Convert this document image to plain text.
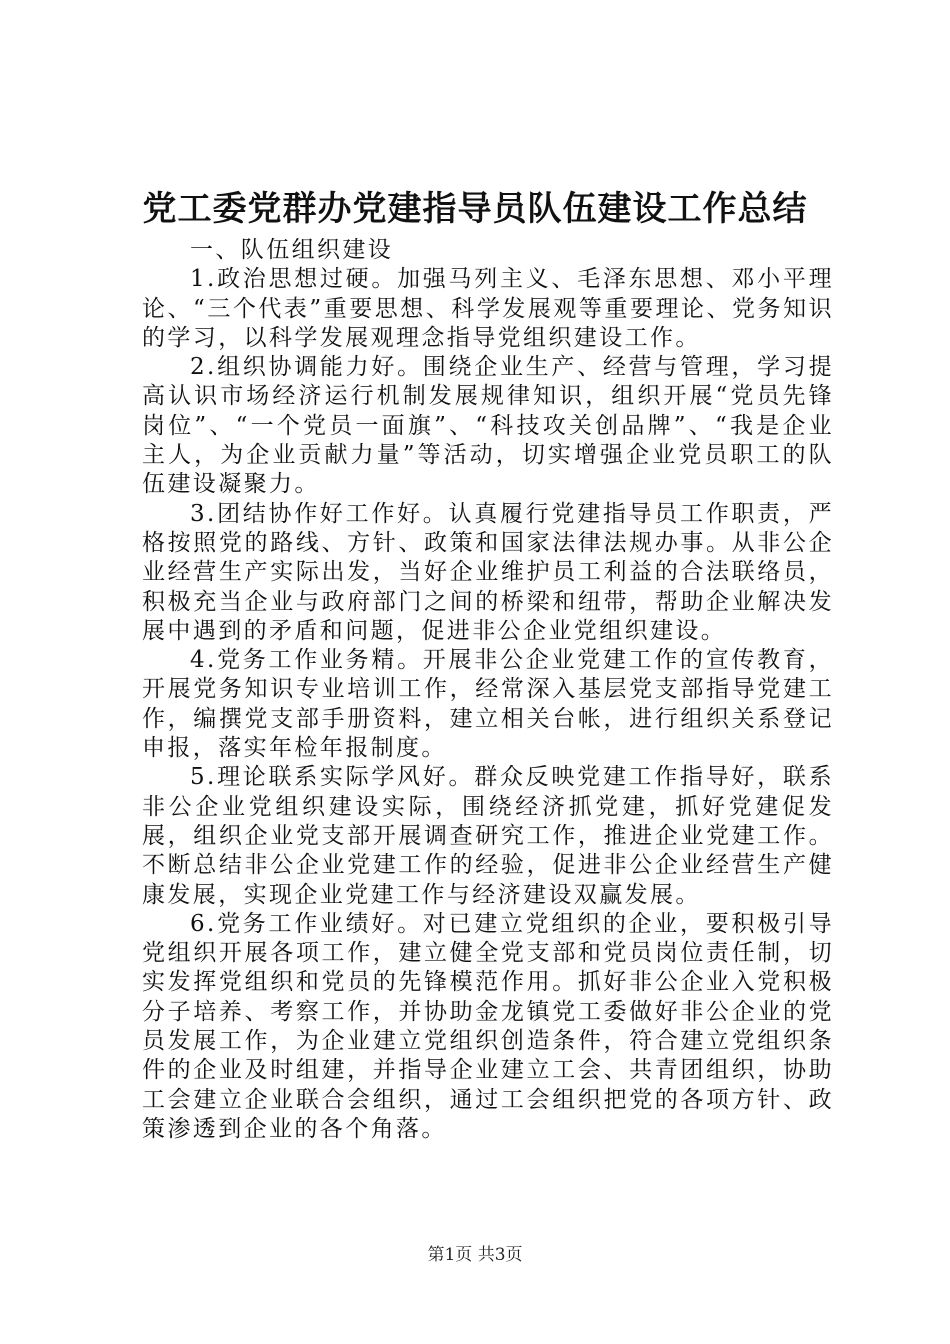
党工委党群办党建指导员队伍建设工作总结

一、队伍组织建设

1.政治思想过硬。加强马列主义、毛泽东思想、邓小平理论、“三个代表”重要思想、科学发展观等重要理论、党务知识的学习，以科学发展观理念指导党组织建设工作。

2.组织协调能力好。围绕企业生产、经营与管理，学习提高认识市场经济运行机制发展规律知识，组织开展“党员先锋岗位”、“一个党员一面旗”、“科技攻关创品牌”、“我是企业主人，为企业贡献力量”等活动，切实增强企业党员职工的队伍建设凝聚力。

3.团结协作好工作好。认真履行党建指导员工作职责，严格按照党的路线、方针、政策和国家法律法规办事。从非公企业经营生产实际出发，当好企业维护员工利益的合法联络员，积极充当企业与政府部门之间的桥梁和纽带，帮助企业解决发展中遇到的矛盾和问题，促进非公企业党组织建设。

4.党务工作业务精。开展非公企业党建工作的宣传教育，开展党务知识专业培训工作，经常深入基层党支部指导党建工作，编撰党支部手册资料，建立相关台帐，进行组织关系登记申报，落实年检年报制度。

5.理论联系实际学风好。群众反映党建工作指导好，联系非公企业党组织建设实际，围绕经济抓党建，抓好党建促发展，组织企业党支部开展调查研究工作，推进企业党建工作。不断总结非公企业党建工作的经验，促进非公企业经营生产健康发展，实现企业党建工作与经济建设双赢发展。

6.党务工作业绩好。对已建立党组织的企业，要积极引导党组织开展各项工作，建立健全党支部和党员岗位责任制，切实发挥党组织和党员的先锋模范作用。抓好非公企业入党积极分子培养、考察工作，并协助金龙镇党工委做好非公企业的党员发展工作，为企业建立党组织创造条件，符合建立党组织条件的企业及时组建，并指导企业建立工会、共青团组织，协助工会建立企业联合会组织，通过工会组织把党的各项方针、政策渗透到企业的各个角落。

第1页 共3页
